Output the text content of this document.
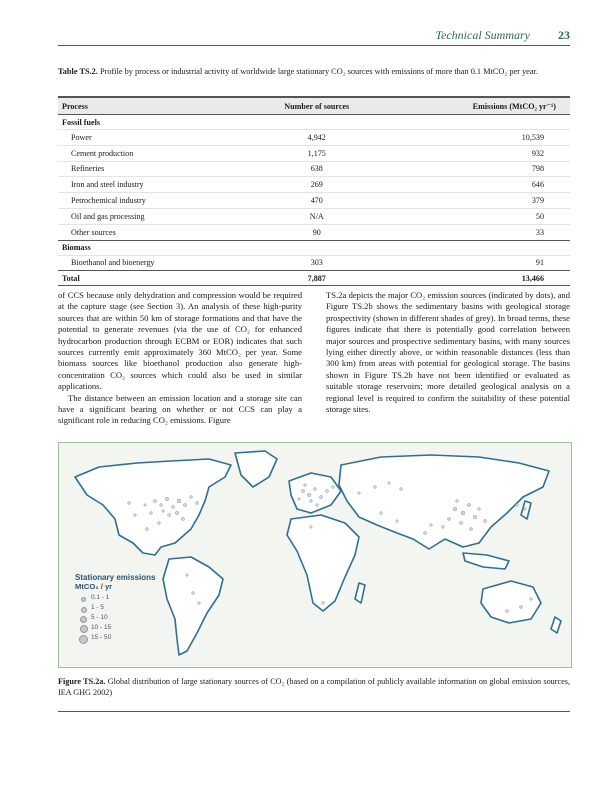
Technical Summary 23
Table TS.2. Profile by process or industrial activity of worldwide large stationary CO₂ sources with emissions of more than 0.1 MtCO₂ per year.

Process	Number of sources	Emissions (MtCO₂ yr⁻¹)
Fossil fuels		
Power	4,942	10,539
Cement production	1,175	932
Refineries	638	798
Iron and steel industry	269	646
Petrochemical industry	470	379
Oil and gas processing	N/A	50
Other sources	90	33
Biomass		
Bioethanol and bioenergy	303	91
Total	7,887	13,466

of CCS because only dehydration and compression would be required at the capture stage (see Section 3). An analysis of these high-purity sources that are within 50 km of storage formations and that have the potential to generate revenues (via the use of CO₂ for enhanced hydrocarbon production through ECBM or EOR) indicates that such sources currently emit approximately 360 MtCO₂ per year. Some biomass sources like bioethanol production also generate high-concentration CO₂ sources which could also be used in similar applications.

The distance between an emission location and a storage site can have a significant bearing on whether or not CCS can play a significant role in reducing CO₂ emissions. Figure

TS.2a depicts the major CO₂ emission sources (indicated by dots), and Figure TS.2b shows the sedimentary basins with geological storage prospectivity (shown in different shades of grey). In broad terms, these figures indicate that there is potentially good correlation between major sources and prospective sedimentary basins, with many sources lying either directly above, or within reasonable distances (less than 300 km) from areas with potential for geological storage. The basins shown in Figure TS.2b have not been identified or evaluated as suitable storage reservoirs; more detailed geological analysis on a regional level is required to confirm the suitability of these potential storage sites.

Stationary emissions
MtCO₂ / yr
0.1 - 1
1 - 5
5 - 10
10 - 15
15 - 50
Figure TS.2a. Global distribution of large stationary sources of CO₂ (based on a compilation of publicly available information on global emission sources, IEA GHG 2002)
